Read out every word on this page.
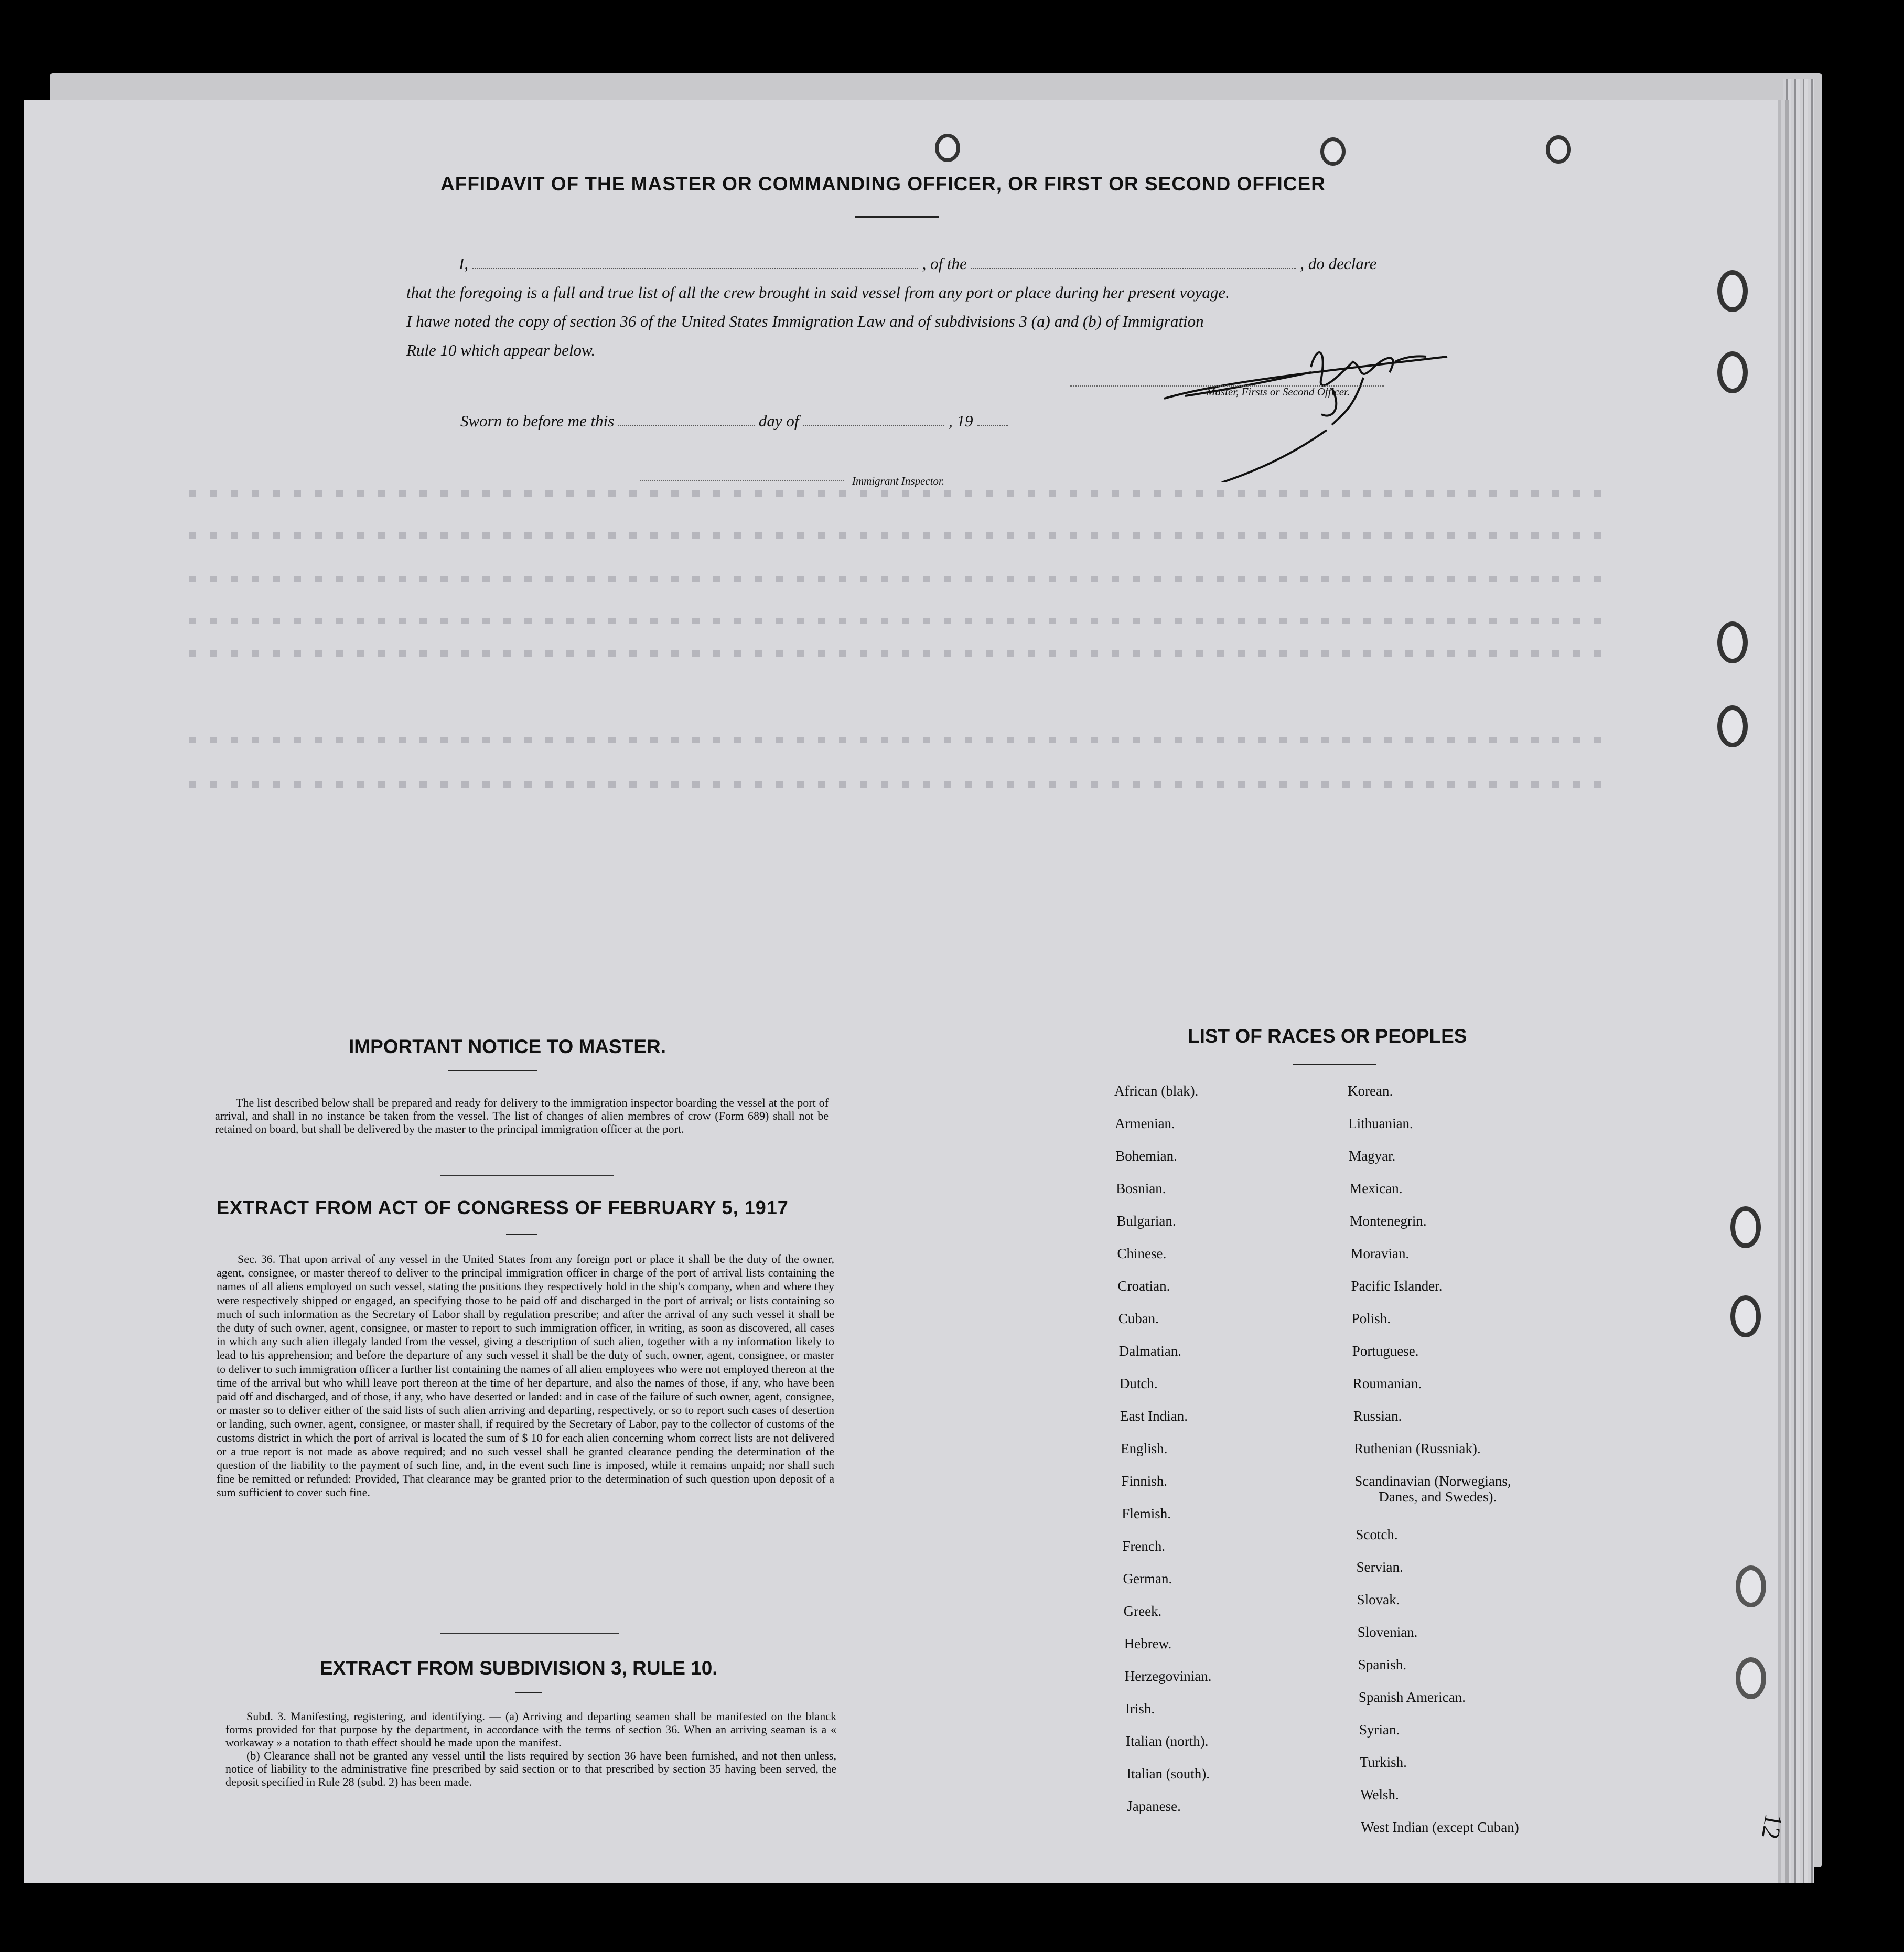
AFFIDAVIT OF THE MASTER OR COMMANDING OFFICER, OR FIRST OR SECOND OFFICER

I,	, of the	, do declare

that the foregoing is a full and true list of all the crew brought in said vessel from any port or place during her present voyage.

I hawe noted the copy of section 36 of the United States Immigration Law and of subdivisions 3 (a) and (b) of Immigration

Rule 10 which appear below.

Master, Firsts or Second Officer.
Sworn to before me this	day of	, 19
Immigrant Inspector.
IMPORTANT NOTICE TO MASTER.
The list described below shall be prepared and ready for delivery to the immigration inspector boarding the vessel at the port of arrival, and shall in no instance be taken from the vessel. The list of changes of alien membres of crow (Form 689) shall not be retained on board, but shall be delivered by the master to the principal immigration officer at the port.
EXTRACT FROM ACT OF CONGRESS OF FEBRUARY 5, 1917
Sec. 36. That upon arrival of any vessel in the United States from any foreign port or place it shall be the duty of the owner, agent, consignee, or master thereof to deliver to the principal immigration officer in charge of the port of arrival lists containing the names of all aliens employed on such vessel, stating the positions they respectively hold in the ship's company, when and where they were respectively shipped or engaged, an specifying those to be paid off and discharged in the port of arrival; or lists containing so much of such information as the Secretary of Labor shall by regulation prescribe; and after the arrival of any such vessel it shall be the duty of such owner, agent, consignee, or master to report to such immigration officer, in writing, as soon as discovered, all cases in which any such alien illegaly landed from the vessel, giving a description of such alien, together with a ny information likely to lead to his apprehension; and before the departure of any such vessel it shall be the duty of such, owner, agent, consignee, or master to deliver to such immigration officer a further list containing the names of all alien employees who were not employed thereon at the time of the arrival but who whill leave port thereon at the time of her departure, and also the names of those, if any, who have been paid off and discharged, and of those, if any, who have deserted or landed: and in case of the failure of such owner, agent, consignee, or master so to deliver either of the said lists of such alien arriving and departing, respectively, or so to report such cases of desertion or landing, such owner, agent, consignee, or master shall, if required by the Secretary of Labor, pay to the collector of customs of the customs district in which the port of arrival is located the sum of $ 10 for each alien concerning whom correct lists are not delivered or a true report is not made as above required; and no such vessel shall be granted clearance pending the determination of the question of the liability to the payment of such fine, and, in the event such fine is imposed, while it remains unpaid; nor shall such fine be remitted or refunded: Provided, That clearance may be granted prior to the determination of such question upon deposit of a sum sufficient to cover such fine.
EXTRACT FROM SUBDIVISION 3, RULE 10.

Subd. 3. Manifesting, registering, and identifying. — (a) Arriving and departing seamen shall be manifested on the blanck forms provided for that purpose by the department, in accordance with the terms of section 36. When an arriving seaman is a « workaway » a notation to thath effect should be made upon the manifest.

(b) Clearance shall not be granted any vessel until the lists required by section 36 have been furnished, and not then unless, notice of liability to the administrative fine prescribed by said section or to that prescribed by section 35 having been served, the deposit specified in Rule 28 (subd. 2) has been made.

LIST OF RACES OR PEOPLES
African (blak).
Armenian.
Bohemian.
Bosnian.
Bulgarian.
Chinese.
Croatian.
Cuban.
Dalmatian.
Dutch.
East Indian.
English.
Finnish.
Flemish.
French.
German.
Greek.
Hebrew.
Herzegovinian.
Irish.
Italian (north).
Italian (south).
Japanese.
Korean.
Lithuanian.
Magyar.
Mexican.
Montenegrin.
Moravian.
Pacific Islander.
Polish.
Portuguese.
Roumanian.
Russian.
Ruthenian (Russniak).
Scandinavian (Norwegians,
Danes, and Swedes).
Scotch.
Servian.
Slovak.
Slovenian.
Spanish.
Spanish American.
Syrian.
Turkish.
Welsh.
West Indian (except Cuban)	12
